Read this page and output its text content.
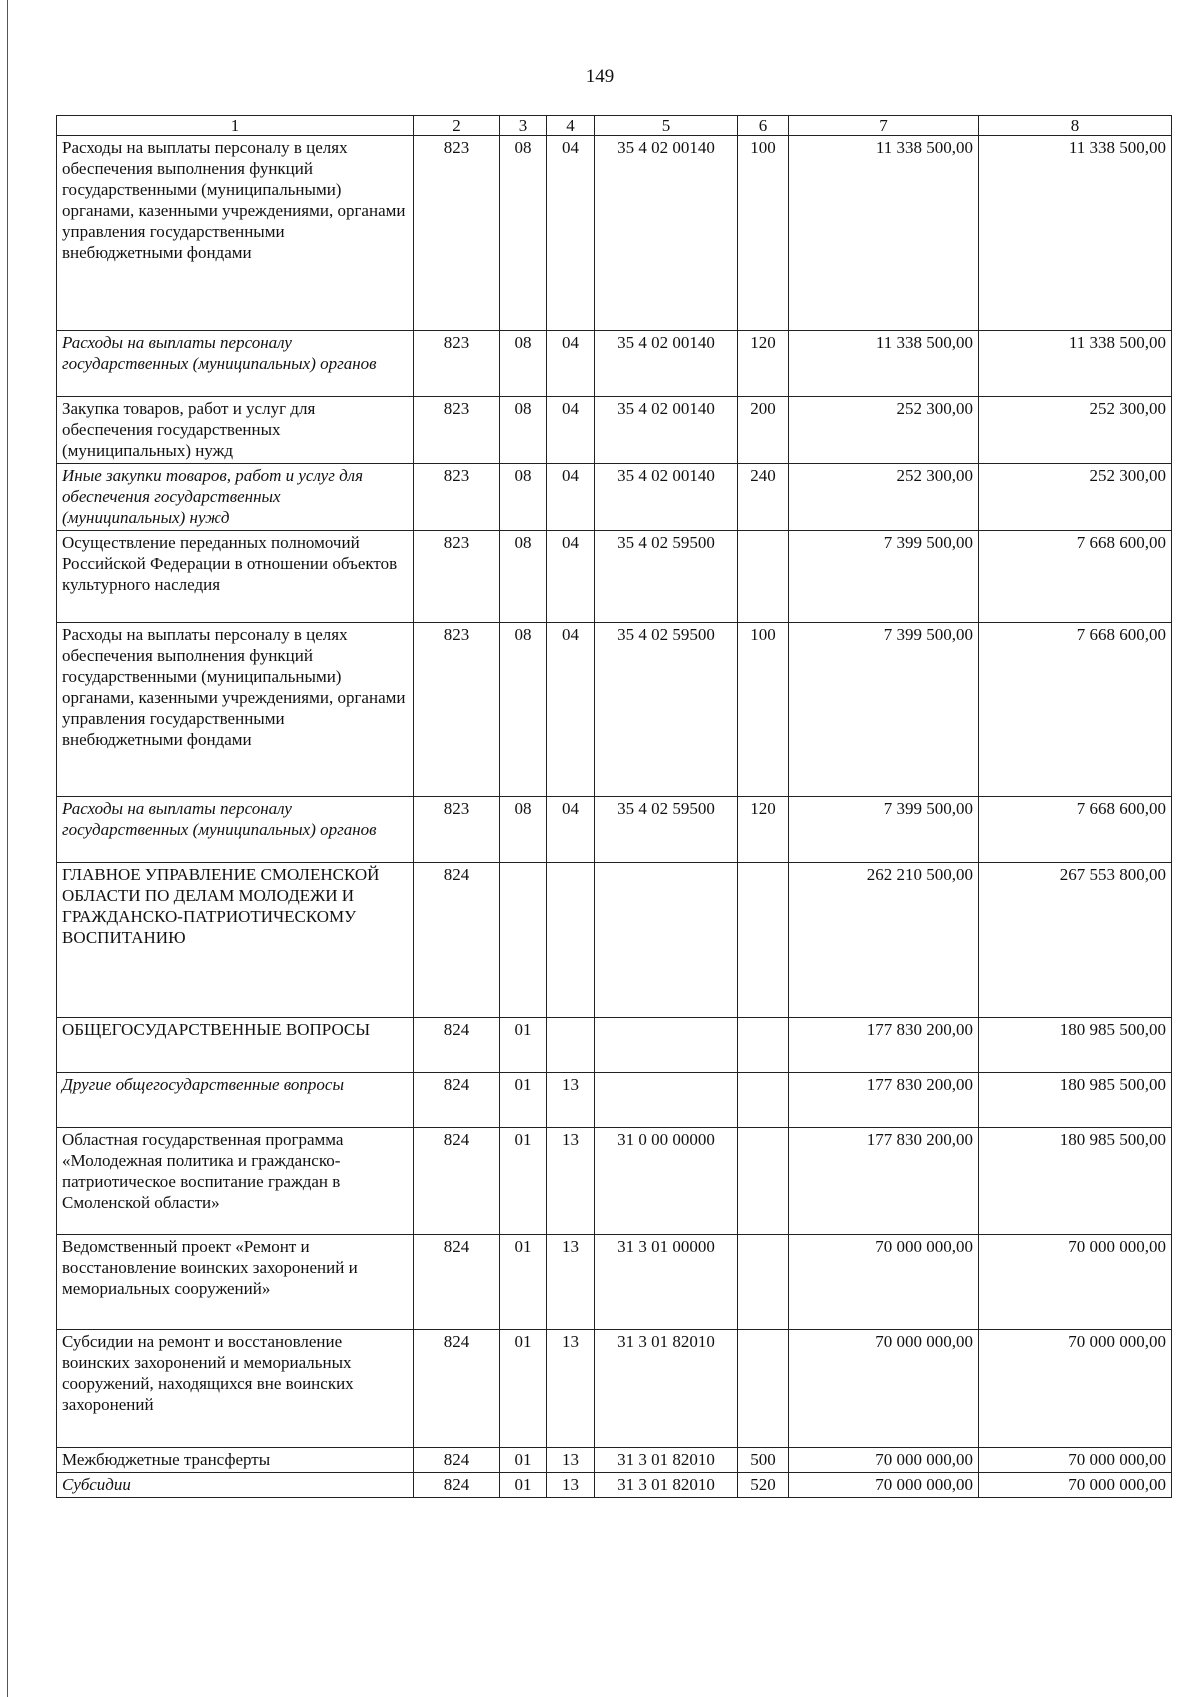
149
1	2	3	4	5	6	7	8
Расходы на выплаты персоналу в целях обеспечения выполнения функций государственными (муниципальными) органами, казенными учреждениями, органами управления государственными внебюджетными фондами	823	08	04	35 4 02 00140	100	11 338 500,00	11 338 500,00
Расходы на выплаты персоналу государственных (муниципальных) органов	823	08	04	35 4 02 00140	120	11 338 500,00	11 338 500,00
Закупка товаров, работ и услуг для обеспечения государственных (муниципальных) нужд	823	08	04	35 4 02 00140	200	252 300,00	252 300,00
Иные закупки товаров, работ и услуг для обеспечения государственных (муниципальных) нужд	823	08	04	35 4 02 00140	240	252 300,00	252 300,00
Осуществление переданных полномочий Российской Федерации в отношении объектов культурного наследия	823	08	04	35 4 02 59500		7 399 500,00	7 668 600,00
Расходы на выплаты персоналу в целях обеспечения выполнения функций государственными (муниципальными) органами, казенными учреждениями, органами управления государственными внебюджетными фондами	823	08	04	35 4 02 59500	100	7 399 500,00	7 668 600,00
Расходы на выплаты персоналу государственных (муниципальных) органов	823	08	04	35 4 02 59500	120	7 399 500,00	7 668 600,00
ГЛАВНОЕ УПРАВЛЕНИЕ СМОЛЕНСКОЙ ОБЛАСТИ ПО ДЕЛАМ МОЛОДЕЖИ И ГРАЖДАНСКО-ПАТРИОТИЧЕСКОМУ ВОСПИТАНИЮ	824					262 210 500,00	267 553 800,00
ОБЩЕГОСУДАРСТВЕННЫЕ ВОПРОСЫ	824	01				177 830 200,00	180 985 500,00
Другие общегосударственные вопросы	824	01	13			177 830 200,00	180 985 500,00
Областная государственная программа «Молодежная политика и гражданско-патриотическое воспитание граждан в Смоленской области»	824	01	13	31 0 00 00000		177 830 200,00	180 985 500,00
Ведомственный проект «Ремонт и восстановление воинских захоронений и мемориальных сооружений»	824	01	13	31 3 01 00000		70 000 000,00	70 000 000,00
Субсидии на ремонт и восстановление воинских захоронений и мемориальных сооружений, находящихся вне воинских захоронений	824	01	13	31 3 01 82010		70 000 000,00	70 000 000,00
Межбюджетные трансферты	824	01	13	31 3 01 82010	500	70 000 000,00	70 000 000,00
Субсидии	824	01	13	31 3 01 82010	520	70 000 000,00	70 000 000,00
